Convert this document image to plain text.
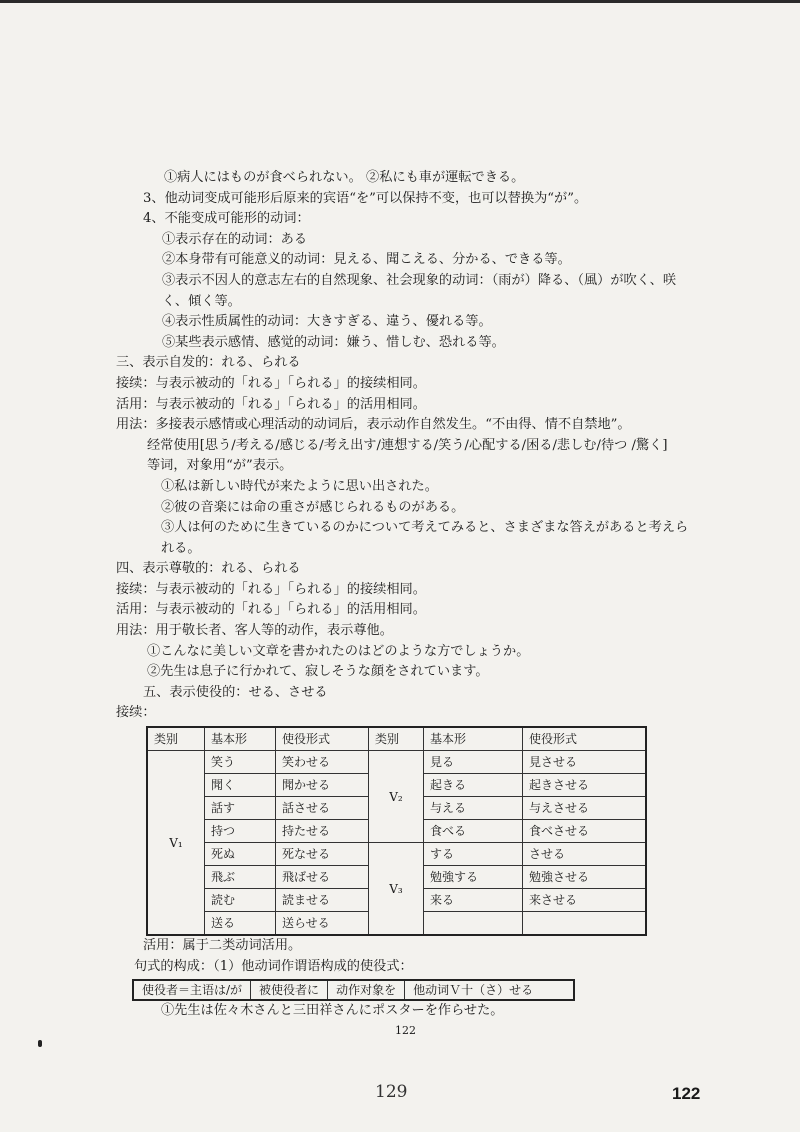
①病人にはものが食べられない。 ②私にも車が運転できる。
3、他动词变成可能形后原来的宾语“を”可以保持不变，也可以替换为“が”。
4、不能变成可能形的动词：
①表示存在的动词：ある
②本身带有可能意义的动词：見える、聞こえる、分かる、できる等。
③表示不因人的意志左右的自然现象、社会现象的动词：（雨が）降る、（風）が吹く、咲く、傾く等。
④表示性质属性的动词：大きすぎる、違う、優れる等。
⑤某些表示感情、感觉的动词：嫌う、惜しむ、恐れる等。
三、表示自发的：れる、られる
接续：与表示被动的「れる」「られる」的接续相同。
活用：与表示被动的「れる」「られる」的活用相同。
用法：多接表示感情或心理活动的动词后，表示动作自然发生。“不由得、情不自禁地”。
经常使用[思う/考える/感じる/考え出す/連想する/笑う/心配する/困る/悲しむ/待つ /驚く]等词，对象用“が”表示。
①私は新しい時代が来たように思い出された。
②彼の音楽には命の重さが感じられるものがある。
③人は何のために生きているのかについて考えてみると、さまざまな答えがあると考えられる。
四、表示尊敬的：れる、られる
接续：与表示被动的「れる」「られる」的接续相同。
活用：与表示被动的「れる」「られる」的活用相同。
用法：用于敬长者、客人等的动作，表示尊他。
①こんなに美しい文章を書かれたのはどのような方でしょうか。
②先生は息子に行かれて、寂しそうな顔をされています。
五、表示使役的：せる、させる
接续：
类别	基本形	使役形式	类别	基本形	使役形式
V₁	笑う	笑わせる	V₂	見る	見させる
	聞く	聞かせる		起きる	起きさせる
	話す	話させる		与える	与えさせる
	持つ	持たせる		食べる	食べさせる
	死ぬ	死なせる	V₃	する	させる
	飛ぶ	飛ばせる		勉強する	勉強させる
	読む	読ませる		来る	来させる
	送る	送らせる			
活用：属于二类动词活用。
句式的构成：（1）他动词作谓语构成的使役式：
使役者＝主语は/が	被使役者に	动作对象を	他动词Ｖ十（さ）せる
①先生は佐々木さんと三田祥さんにポスターを作らせた。
122
129	122
